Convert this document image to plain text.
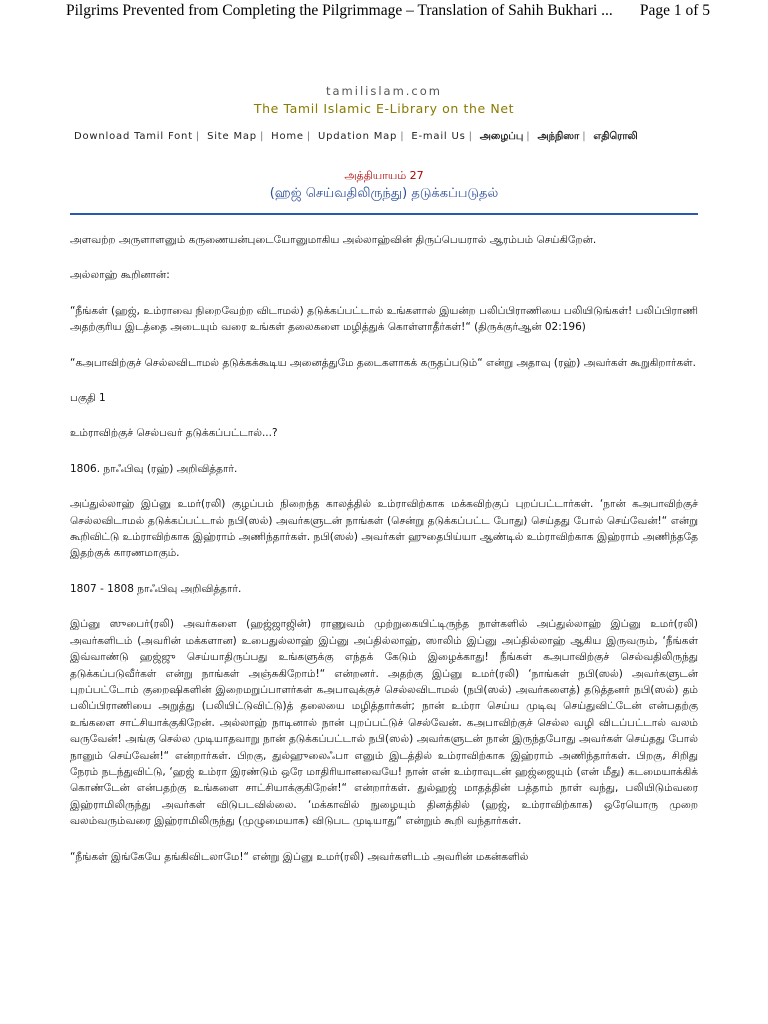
Pilgrims Prevented from Completing the Pilgrimmage – Translation of Sahih Bukhari ... Page 1 of 5
tamilislam.com
The Tamil Islamic E-Library on the Net
Download Tamil Font | Site Map | Home | Updation Map | E-mail Us | அழைப்பு | அந்நிஸா | எதிரொலி
அத்தியாயம் 27
(ஹஜ் செய்வதிலிருந்து) தடுக்கப்படுதல்

அளவற்ற அருளாளனும் கருணையன்புடையோனுமாகிய அல்லாஹ்வின் திருப்பெயரால் ஆரம்பம் செய்கிறேன்.

அல்லாஹ் கூறினான்:

“நீங்கள் (ஹஜ், உம்ராவை நிறைவேற்ற விடாமல்) தடுக்கப்பட்டால் உங்களால் இயன்ற பலிப்பிராணியை பலியிடுங்கள்! பலிப்பிராணி அதற்குரிய இடத்தை அடையும் வரை உங்கள் தலைகளை மழித்துக் கொள்ளாதீர்கள்!“ (திருக்குர்ஆன் 02:196)

“கஅபாவிற்குச் செல்லவிடாமல் தடுக்கக்கூடிய அனைத்துமே தடைகளாகக் கருதப்படும்“ என்று அதாவு (ரஹ்) அவர்கள் கூறுகிறார்கள்.

பகுதி 1

உம்ராவிற்குச் செல்பவர் தடுக்கப்பட்டால்...?

1806. நாஃபிவு (ரஹ்) அறிவித்தார்.

அப்துல்லாஹ் இப்னு உமர்(ரலி) குழப்பம் நிறைந்த காலத்தில் உம்ராவிற்காக மக்கவிற்குப் புறப்பட்டார்கள். ‘நான் கஅபாவிற்குச் செல்லவிடாமல் தடுக்கப்பட்டால் நபி(ஸல்) அவர்களுடன் நாங்கள் (சென்று தடுக்கப்பட்ட போது) செய்தது போல் செய்வேன்!“ என்று கூறிவிட்டு உம்ராவிற்காக இஹ்ராம் அணிந்தார்கள். நபி(ஸல்) அவர்கள் ஹுதைபிய்யா ஆண்டில் உம்ராவிற்காக இஹ்ராம் அணிந்ததே இதற்குக் காரணமாகும்.

1807 - 1808 நாஃபிவு அறிவித்தார்.

இப்னு ஸுபைர்(ரலி) அவர்களை (ஹஜ்ஜாஜின்) ராணுவம் முற்றுகையிட்டிருந்த நாள்களில் அப்துல்லாஹ் இப்னு உமர்(ரலி) அவர்களிடம் (அவரின் மக்களான) உபைதுல்லாஹ் இப்னு அப்தில்லாஹ், ஸாலிம் இப்னு அப்தில்லாஹ் ஆகிய இருவரும், ‘நீங்கள் இவ்வாண்டு ஹஜ்ஜு செய்யாதிருப்பது உங்களுக்கு எந்தக் கேடும் இழைக்காது! நீங்கள் கஅபாவிற்குச் செல்வதிலிருந்து தடுக்கப்படுவீர்கள் என்று நாங்கள் அஞ்சுகிறோம்!“ என்றனர். அதற்கு இப்னு உமர்(ரலி) ‘நாங்கள் நபி(ஸல்) அவர்களுடன் புறப்பட்டோம் குறைஷிகளின் இறைமறுப்பாளர்கள் கஅபாவுக்குச் செல்லவிடாமல் (நபி(ஸல்) அவர்களைத்) தடுத்தனர் நபி(ஸல்) தம் பலிப்பிராணியை அறுத்து (பலியிட்டுவிட்டு)த் தலையை மழித்தார்கள்; நான் உம்ரா செய்ய முடிவு செய்துவிட்டேன் என்பதற்கு உங்களை சாட்சியாக்குகிறேன். அல்லாஹ் நாடினால் நான் புறப்பட்டுச் செல்வேன். கஅபாவிற்குச் செல்ல வழி விடப்பட்டால் வலம் வருவேன்! அங்கு செல்ல முடியாதவாறு நான் தடுக்கப்பட்டால் நபி(ஸல்) அவர்களுடன் நான் இருந்தபோது அவர்கள் செய்தது போல் நானும் செய்வேன்!“ என்றார்கள். பிறகு, துல்ஹுலைஃபா எனும் இடத்தில் உம்ராவிற்காக இஹ்ராம் அணிந்தார்கள். பிறகு, சிறிது நேரம் நடந்துவிட்டு, ‘ஹஜ் உம்ரா இரண்டும் ஒரே மாதிரியானவையே! நான் என் உம்ராவுடன் ஹஜ்ஜையும் (என் மீது) கடமையாக்கிக் கொண்டேன் என்பதற்கு உங்களை சாட்சியாக்குகிறேன்!“ என்றார்கள். துல்ஹஜ் மாதத்தின் பத்தாம் நாள் வந்து, பலியிடும்வரை இஹ்ராமிலிருந்து அவர்கள் விடுபடவில்லை. ‘மக்காவில் நுழையும் தினத்தில் (ஹஜ், உம்ராவிற்காக) ஒரேயொரு முறை வலம்வரும்வரை இஹ்ராமிலிருந்து (முழுமையாக) விடுபட முடியாது“ என்றும் கூறி வந்தார்கள்.

“நீங்கள் இங்கேயே தங்கிவிடலாமே!“ என்று இப்னு உமர்(ரலி) அவர்களிடம் அவரின் மகன்களில்
